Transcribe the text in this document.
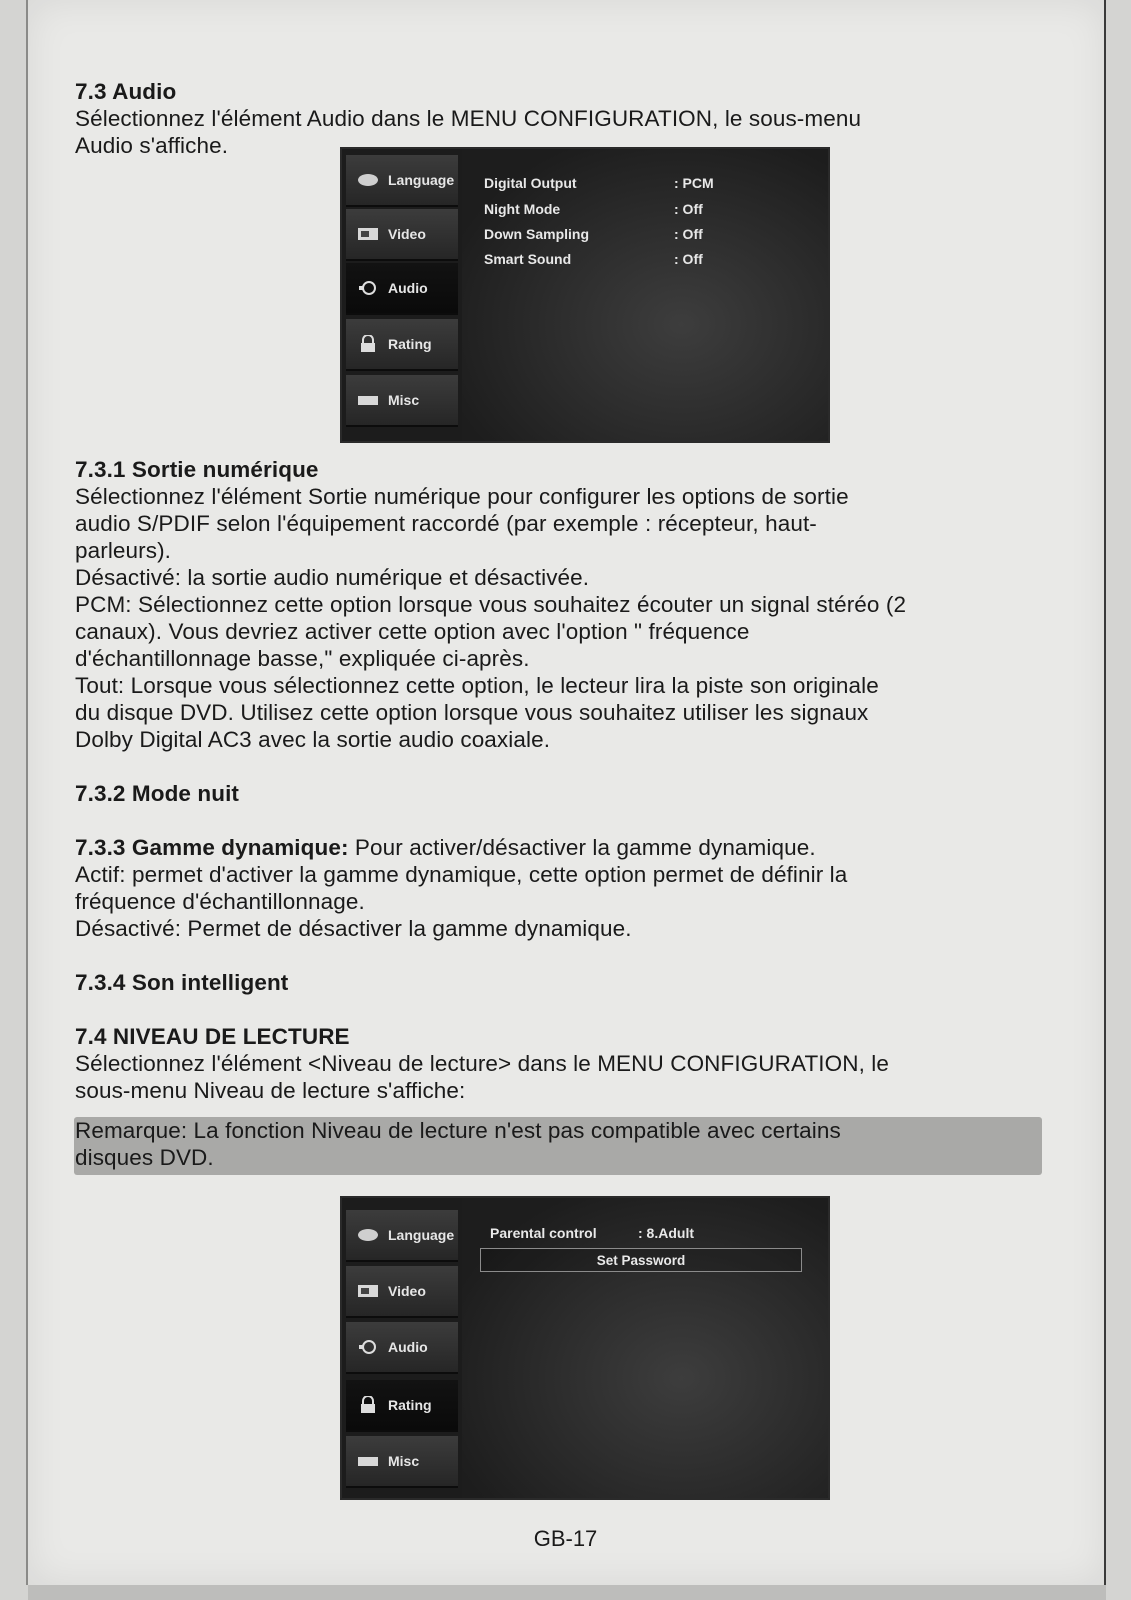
7.3 Audio
Sélectionnez l'élément Audio dans le MENU CONFIGURATION, le sous-menu
Audio s'affiche.
Language
Video
Audio
Rating
Misc
Digital Output	: PCM
Night Mode	: Off
Down Sampling	: Off
Smart Sound	: Off
7.3.1 Sortie numérique
Sélectionnez l'élément Sortie numérique pour configurer les options de sortie
audio S/PDIF selon l'équipement raccordé (par exemple : récepteur, haut-
parleurs).
Désactivé: la sortie audio numérique et désactivée.
PCM: Sélectionnez cette option lorsque vous souhaitez écouter un signal stéréo (2
canaux). Vous devriez activer cette option avec l'option " fréquence
d'échantillonnage basse," expliquée ci-après.
Tout: Lorsque vous sélectionnez cette option, le lecteur lira la piste son originale
du disque DVD. Utilisez cette option lorsque vous souhaitez utiliser les signaux
Dolby Digital AC3 avec la sortie audio coaxiale.
7.3.2 Mode nuit
7.3.3 Gamme dynamique: Pour activer/désactiver la gamme dynamique.
Actif: permet d'activer la gamme dynamique, cette option permet de définir la
fréquence d'échantillonnage.
Désactivé: Permet de désactiver la gamme dynamique.
7.3.4 Son intelligent
7.4 NIVEAU DE LECTURE
Sélectionnez l'élément <Niveau de lecture> dans le MENU CONFIGURATION, le
sous-menu Niveau de lecture s'affiche:
Remarque: La fonction Niveau de lecture n'est pas compatible avec certains
disques DVD.
Language
Video
Audio
Rating
Misc
Parental control	: 8.Adult
Set Password
GB-17
